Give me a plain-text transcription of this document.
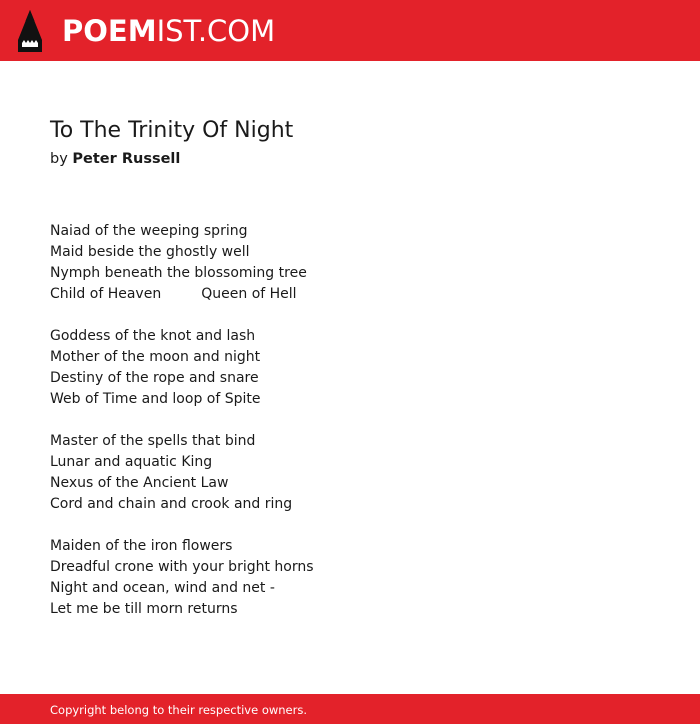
POEMIST.COM
To The Trinity Of Night
by Peter Russell
Naiad of the weeping spring
Maid beside the ghostly well
Nymph beneath the blossoming tree
Child of Heaven         Queen of Hell
Goddess of the knot and lash
Mother of the moon and night
Destiny of the rope and snare
Web of Time and loop of Spite
Master of the spells that bind
Lunar and aquatic King
Nexus of the Ancient Law
Cord and chain and crook and ring
Maiden of the iron flowers
Dreadful crone with your bright horns
Night and ocean, wind and net -
Let me be till morn returns
Copyright belong to their respective owners.
